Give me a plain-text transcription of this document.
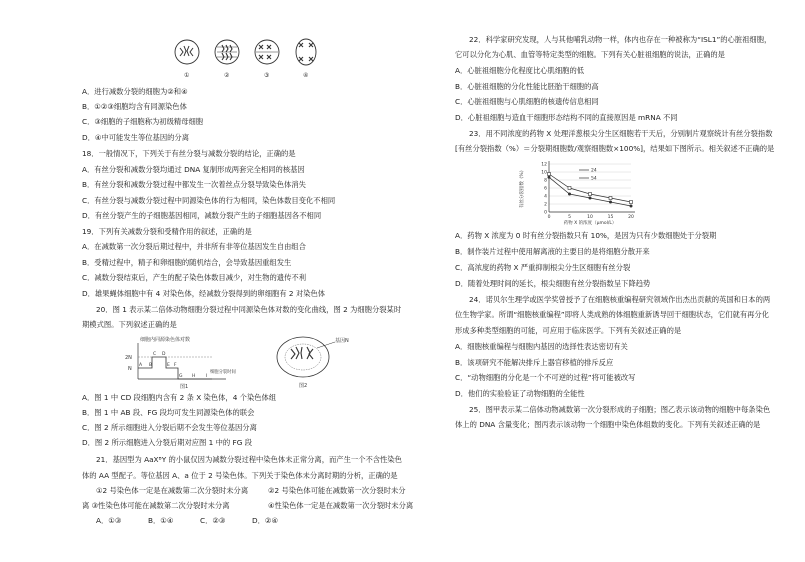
①	②	③	④
A．进行减数分裂的细胞为②和④
B．①②③细胞均含有同源染色体
C．③细胞的子细胞称为初级精母细胞
D．④中可能发生等位基因的分离
18．一般情况下，下列关于有丝分裂与减数分裂的结论，正确的是
A．有丝分裂和减数分裂均通过 DNA 复制形成两套完全相同的核基因
B．有丝分裂和减数分裂过程中都发生一次着丝点分裂导致染色体消失
C．有丝分裂与减数分裂过程中同源染色体的行为相同，染色体数目变化不相同
D．有丝分裂产生的子细胞基因相同，减数分裂产生的子细胞基因各不相同
19．下列有关减数分裂和受精作用的叙述，正确的是
A．在减数第一次分裂后期过程中，并非所有非等位基因发生自由组合
B．受精过程中，精子和卵细胞的随机结合，会导致基因重组发生
C．减数分裂结束后，产生的配子染色体数目减少，对生物的遗传不利
D．雄果蝇体细胞中有 4 对染色体，经减数分裂得到的卵细胞有 2 对染色体
20．图 1 表示某二倍体动物细胞分裂过程中同源染色体对数的变化曲线，图 2 为细胞分裂某时
期模式图。下列叙述正确的是
细胞内同源染色体对数
2N
N
A B
C D
E F
G H I
细胞分裂时间
图1
基因N
图2
A．图 1 中 CD 段细胞内含有 2 条 X 染色体，4 个染色体组
B．图 1 中 AB 段、FG 段均可发生同源染色体的联会
C．图 2 所示细胞进入分裂后期不会发生等位基因分离
D．图 2 所示细胞进入分裂后期对应图 1 中的 FG 段
21．基因型为 AaXᴮY 的小鼠仅因为减数分裂过程中染色体未正常分离，而产生一个不含性染色
体的 AA 型配子。等位基因 A、a 位于 2 号染色体。下列关于染色体未分离时期的分析，正确的是
①2 号染色体一定是在减数第二次分裂时未分离	②2 号染色体可能在减数第一次分裂时未分
离 ③性染色体可能在减数第二次分裂时未分离	④性染色体一定是在减数第一次分裂时未分离
A．①③	B．①④	C．②③	D．②④
22．科学家研究发现，人与其他哺乳动物一样，体内也存在一种被称为“ISL1”的心脏祖细胞，
它可以分化为心肌、血管等特定类型的细胞。下列有关心脏祖细胞的说法，正确的是
A．心脏祖细胞分化程度比心肌细胞的低
B．心脏祖细胞的分化性能比胚胎干细胞的高
C．心脏祖细胞与心肌细胞的核遗传信息相同
D．心脏祖细胞与造血干细胞形态结构不同的直接原因是 mRNA 不同
23．用不同浓度的药物 X 处理洋葱根尖分生区细胞若干天后，分别制片观察统计有丝分裂指数
[有丝分裂指数（%）＝分裂期细胞数/观察细胞数×100%]，结果如下图所示。相关叙述不正确的是
0
2
4
6
8
10
12
0	5	10	15	20
药物 X 的浓度（μmol/L）
有丝分裂指数（%）	24
54
A．药物 X 浓度为 0 时有丝分裂指数只有 10%，是因为只有少数细胞处于分裂期
B．制作装片过程中使用解离液的主要目的是将细胞分散开来
C．高浓度的药物 X 严重抑制根尖分生区细胞有丝分裂
D．随着处理时间的延长，根尖细胞有丝分裂指数呈下降趋势
24．诺贝尔生理学或医学奖曾授予了在细胞核重编程研究领域作出杰出贡献的英国和日本的两
位生物学家。所谓“细胞核重编程”即将人类成熟的体细胞重新诱导回干细胞状态，它们就有再分化
形成多种类型细胞的可能，可应用于临床医学。下列有关叙述正确的是
A．细胞核重编程与细胞内基因的选择性表达密切有关
B．该项研究不能解决排斥上器官移植的排斥反应
C．“动物细胞的分化是一个不可逆的过程”将可能被改写
D．他们的实验验证了动物细胞的全能性
25．图甲表示某二倍体动物减数第一次分裂形成的子细胞；图乙表示该动物的细胞中每条染色
体上的 DNA 含量变化；图丙表示该动物一个细胞中染色体组数的变化。下列有关叙述正确的是
